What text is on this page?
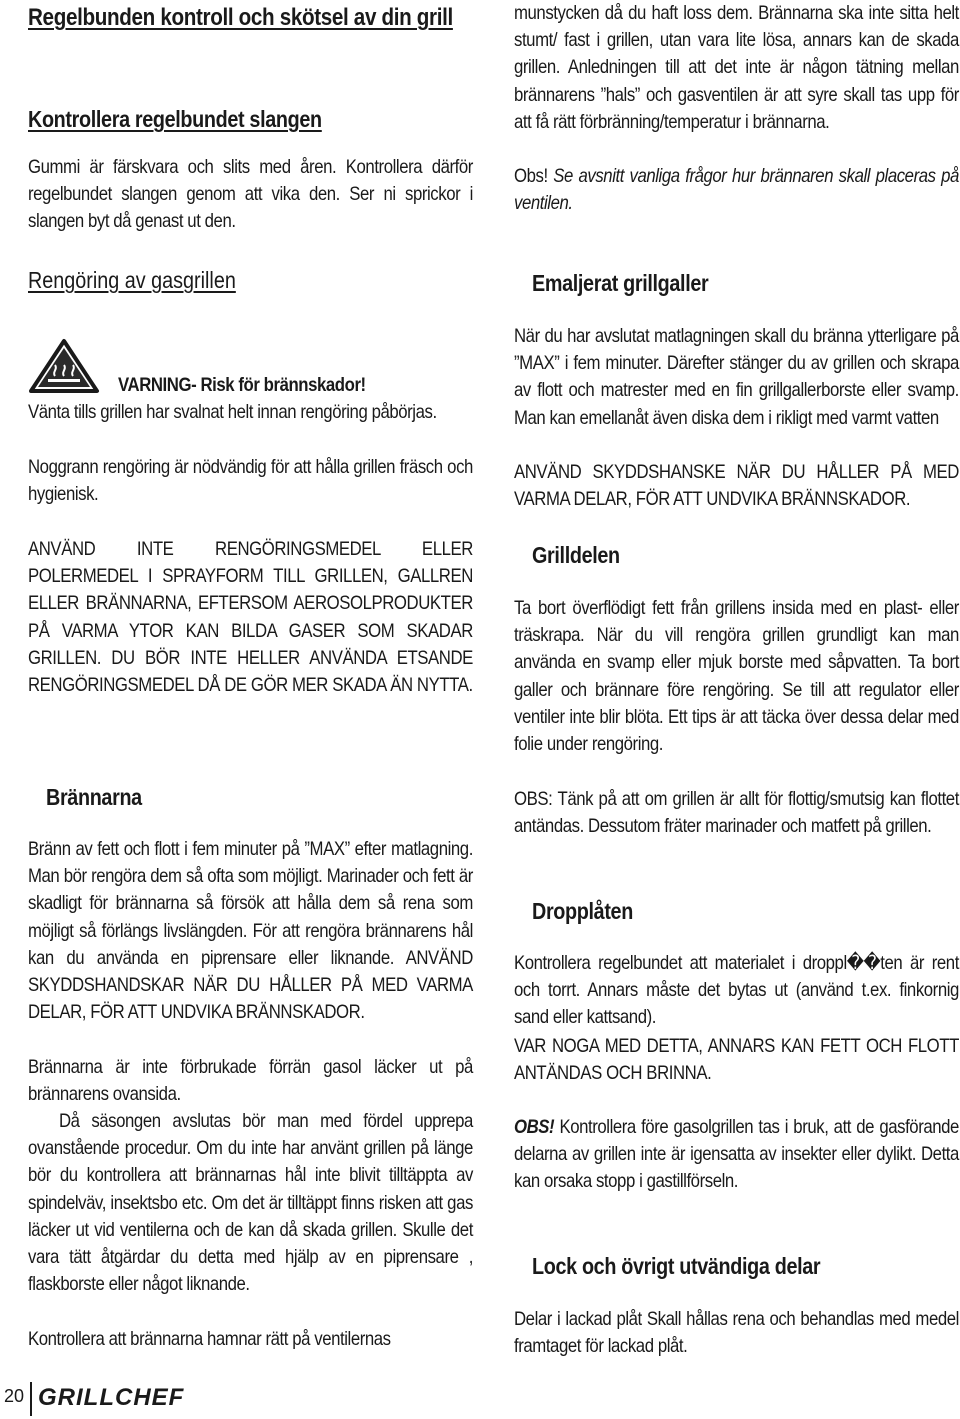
Regelbunden kontroll och skötsel av din grill
Kontrollera regelbundet slangen

Gummi är färskvara och slits med åren. Kontrollera därför regelbundet slangen genom att vika den. Ser ni sprickor i slangen byt då genast ut den.

Rengöring av gasgrillen

VARNING- Risk för brännskador!

Vänta tills grillen har svalnat helt innan rengöring påbörjas.

Noggrann rengöring är nödvändig för att hålla grillen fräsch och hygienisk.

ANVÄND INTE RENGÖRINGSMEDEL ELLER POLERMEDEL I SPRAYFORM TILL GRILLEN, GALLREN ELLER BRÄNNARNA, EFTERSOM AEROSOLPRODUKTER PÅ VARMA YTOR KAN BILDA GASER SOM SKADAR GRILLEN. DU BÖR INTE HELLER ANVÄNDA ETSANDE RENGÖRINGSMEDEL DÅ DE GÖR MER SKADA ÄN NYTTA.

Brännarna

Bränn av fett och flott i fem minuter på ”MAX” efter matlagning. Man bör rengöra dem så ofta som möjligt. Marinader och fett är skadligt för brännarna så försök att hålla dem så rena som möjligt så förlängs livslängden. För att rengöra brännarens hål kan du använda en piprensare eller liknande. ANVÄND SKYDDSHANDSKAR NÄR DU HÅLLER PÅ MED VARMA DELAR, FÖR ATT UNDVIKA BRÄNNSKADOR.

Brännarna är inte förbrukade förrän gasol läcker ut på brännarens ovansida.

Då säsongen avslutas bör man med fördel upprepa ovanstående procedur. Om du inte har använt grillen på länge bör du kontrollera att brännarnas hål inte blivit tilltäppta av spindelväv, insektsbo etc. Om det är tilltäppt finns risken att gas läcker ut vid ventilerna och de kan då skada grillen. Skulle det vara tätt åtgärdar du detta med hjälp av en piprensare , flaskborste eller något liknande.

Kontrollera att brännarna hamnar rätt på ventilernas

munstycken då du haft loss dem. Brännarna ska inte sitta helt stumt/ fast i grillen, utan vara lite lösa, annars kan de skada grillen. Anledningen till att det inte är någon tätning mellan brännarens ”hals” och gasventilen är att syre skall tas upp för att få rätt förbränning/temperatur i brännarna.

Obs! Se avsnitt vanliga frågor hur brännaren skall placeras på ventilen.

Emaljerat grillgaller

När du har avslutat matlagningen skall du bränna ytterligare på ”MAX” i fem minuter. Därefter stänger du av grillen och skrapa av flott och matrester med en fin grillgallerborste eller svamp. Man kan emellanåt även diska dem i rikligt med varmt vatten

ANVÄND SKYDDSHANSKE NÄR DU HÅLLER PÅ MED VARMA DELAR, FÖR ATT UNDVIKA BRÄNNSKADOR.

Grilldelen

Ta bort överflödigt fett från grillens insida med en plast- eller träskrapa. När du vill rengöra grillen grundligt kan man använda en svamp eller mjuk borste med såpvatten. Ta bort galler och brännare före rengöring. Se till att regulator eller ventiler inte blir blöta. Ett tips är att täcka över dessa delar med folie under rengöring.

OBS: Tänk på att om grillen är allt för flottig/smutsig kan flottet antändas. Dessutom fräter marinader och matfett på grillen.

Dropplåten

Kontrollera regelbundet att materialet i droppl��ten är rent och torrt. Annars måste det bytas ut (använd t.ex. finkornig sand eller kattsand).

VAR NOGA MED DETTA, ANNARS KAN FETT OCH FLOTT ANTÄNDAS OCH BRINNA.

OBS! Kontrollera före gasolgrillen tas i bruk, att de gasförande delarna av grillen inte är igensatta av insekter eller dylikt. Detta kan orsaka stopp i gastillförseln.

Lock och övrigt utvändiga delar

Delar i lackad plåt Skall hållas rena och behandlas med medel framtaget för lackad plåt.

20 GRILLCHEF
